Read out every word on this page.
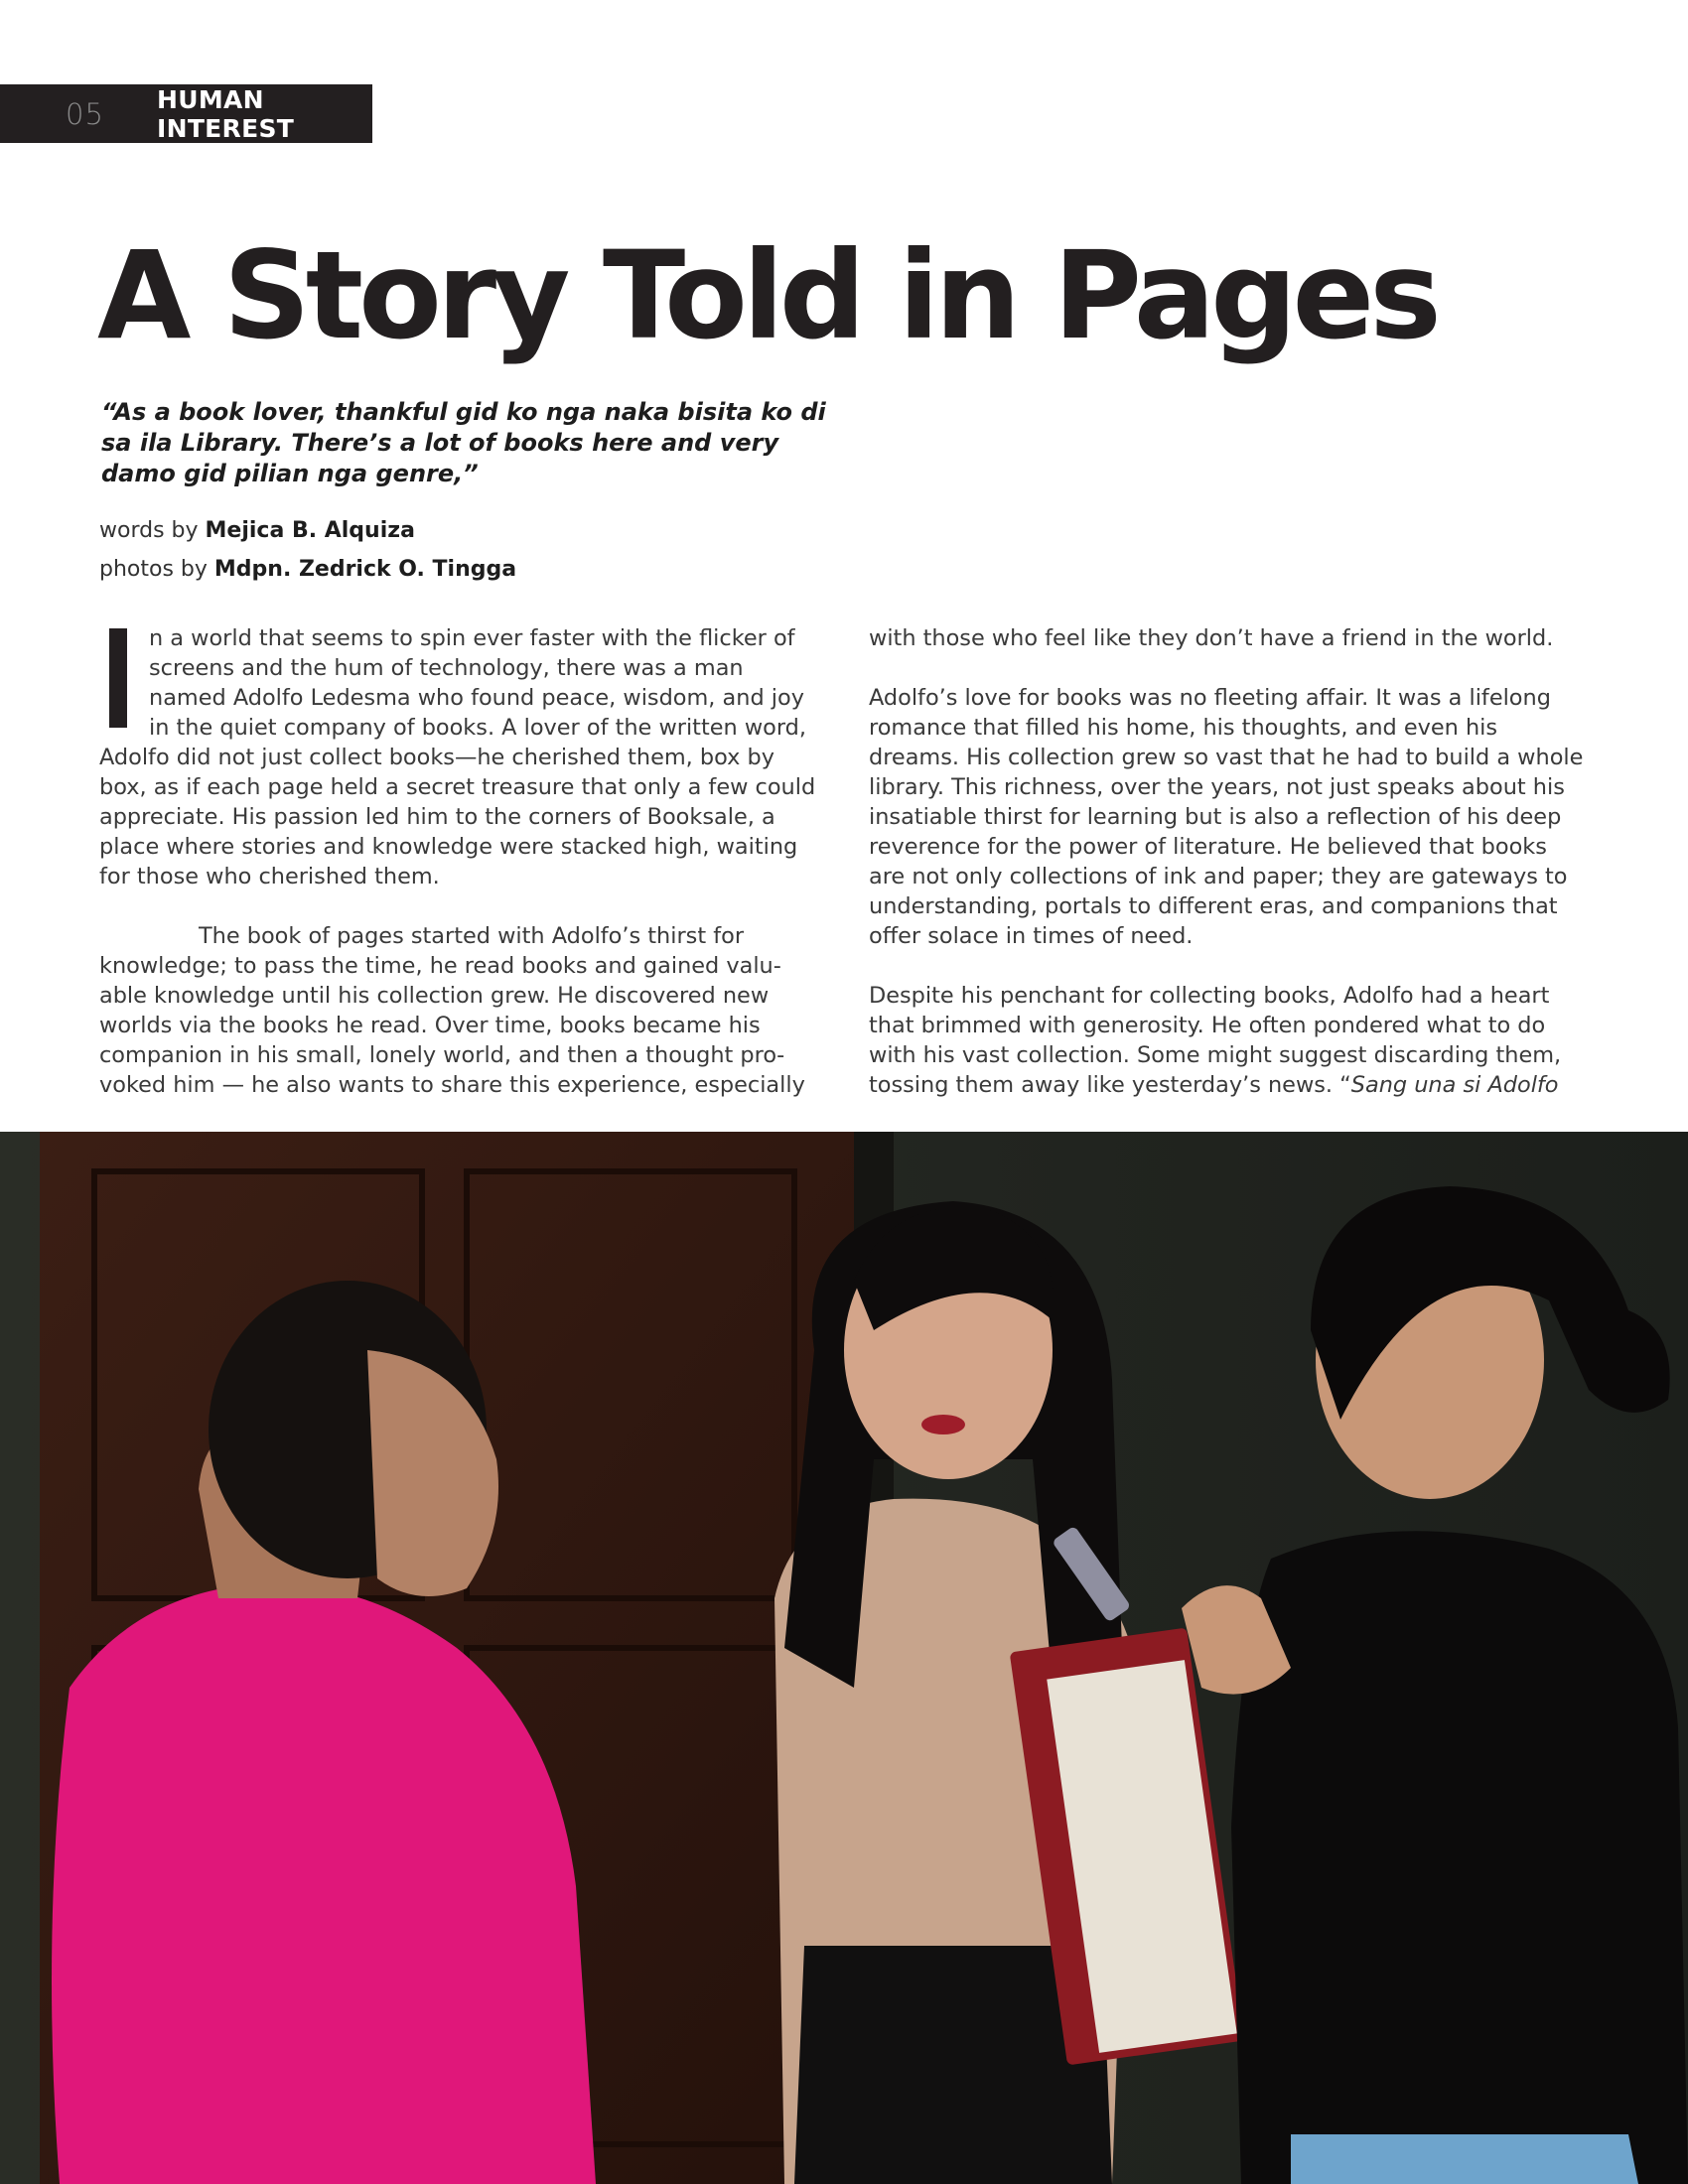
05 HUMAN INTEREST
A Story Told in Pages

“As a book lover, thankful gid ko nga naka bisita ko di sa ila Library. There’s a lot of books here and very damo gid pilian nga genre,”

words by Mejica B. Alquiza
photos by Mdpn. Zedrick O. Tingga

n a world that seems to spin ever faster with the flicker of screens and the hum of technology, there was a man named Adolfo Ledesma who found peace, wisdom, and joy in the quiet company of books. A lover of the written word, Adolfo did not just collect books—he cherished them, box by box, as if each page held a secret treasure that only a few could appreciate. His passion led him to the corners of Booksale, a place where stories and knowledge were stacked high, waiting for those who cherished them.

The book of pages started with Adolfo’s thirst for knowledge; to pass the time, he read books and gained valuable knowledge until his collection grew. He discovered new worlds via the books he read. Over time, books became his companion in his small, lonely world, and then a thought provoked him — he also wants to share this experience, especially

with those who feel like they don’t have a friend in the world.

Adolfo’s love for books was no fleeting affair. It was a lifelong romance that filled his home, his thoughts, and even his dreams. His collection grew so vast that he had to build a whole library. This richness, over the years, not just speaks about his insatiable thirst for learning but is also a reflection of his deep reverence for the power of literature. He believed that books are not only collections of ink and paper; they are gateways to understanding, portals to different eras, and companions that offer solace in times of need.

Despite his penchant for collecting books, Adolfo had a heart that brimmed with generosity. He often pondered what to do with his vast collection. Some might suggest discarding them, tossing them away like yesterday’s news. “Sang una si Adolfo
